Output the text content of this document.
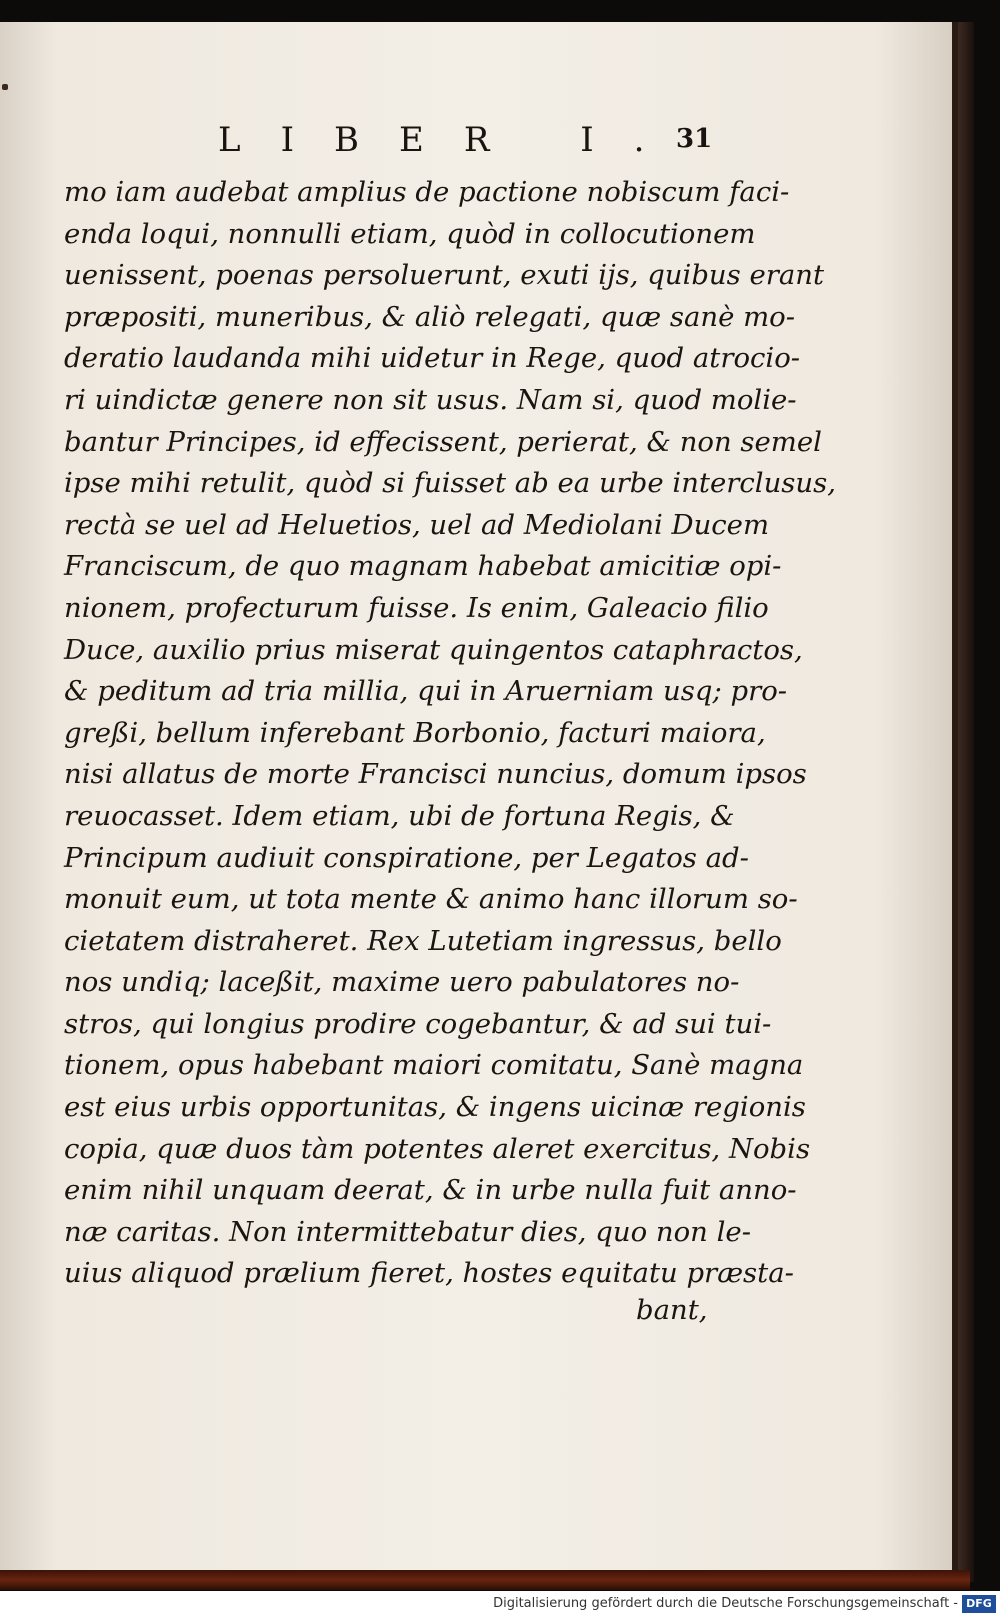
LIBER I.
31
mo iam audebat amplius de pactione nobiscum faci-
enda loqui, nonnulli etiam, quòd in collocutionem
uenissent, poenas persoluerunt, exuti ijs, quibus erant
præpositi, muneribus, & aliò relegati, quæ sanè mo-
deratio laudanda mihi uidetur in Rege, quod atrocio-
ri uindictæ genere non sit usus. Nam si, quod molie-
bantur Principes, id effecissent, perierat, & non semel
ipse mihi retulit, quòd si fuisset ab ea urbe interclusus,
rectà se uel ad Heluetios, uel ad Mediolani Ducem
Franciscum, de quo magnam habebat amicitiæ opi-
nionem, profecturum fuisse. Is enim, Galeacio filio
Duce, auxilio prius miserat quingentos cataphractos,
& peditum ad tria millia, qui in Aruerniam usq; pro-
greßi, bellum inferebant Borbonio, facturi maiora,
nisi allatus de morte Francisci nuncius, domum ipsos
reuocasset. Idem etiam, ubi de fortuna Regis, &
Principum audiuit conspiratione, per Legatos ad-
monuit eum, ut tota mente & animo hanc illorum so-
cietatem distraheret. Rex Lutetiam ingressus, bello
nos undiq; laceßit, maxime uero pabulatores no-
stros, qui longius prodire cogebantur, & ad sui tui-
tionem, opus habebant maiori comitatu, Sanè magna
est eius urbis opportunitas, & ingens uicinæ regionis
copia, quæ duos tàm potentes aleret exercitus, Nobis
enim nihil unquam deerat, & in urbe nulla fuit anno-
næ caritas. Non intermittebatur dies, quo non le-
uius aliquod prælium fieret, hostes equitatu præsta-
bant,
Digitalisierung gefördert durch die Deutsche Forschungsgemeinschaft - DFG
